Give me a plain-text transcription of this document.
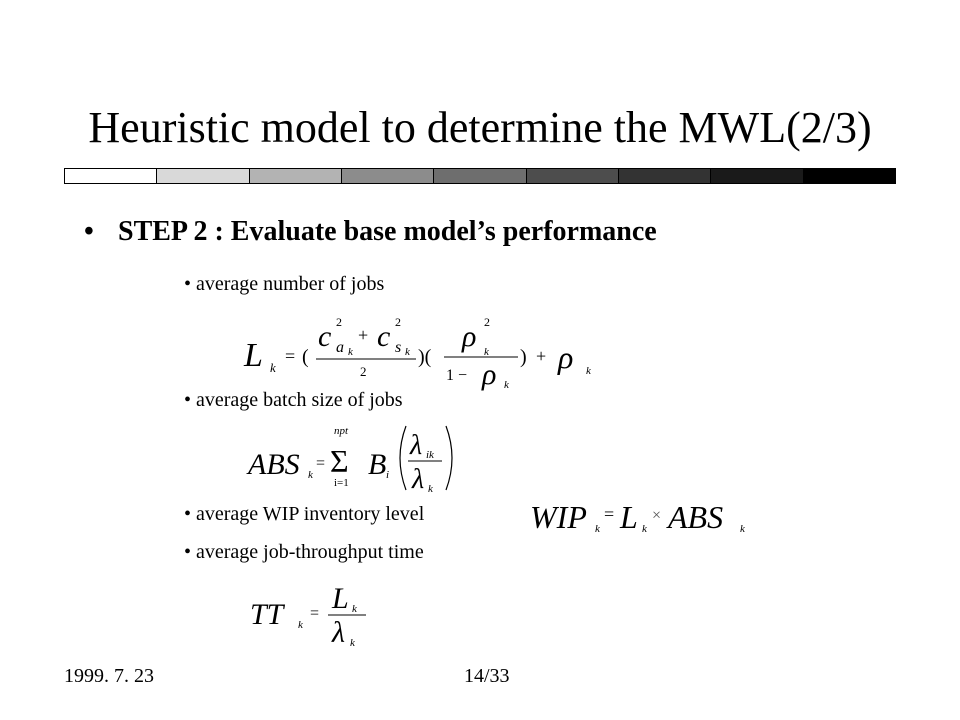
Heuristic model to determine the MWL(2/3)
• STEP 2 : Evaluate base model’s performance
• average number of jobs
L k
= (
c 2
a k
+ c 2
s k
2
)(
ρ 2
k
1 − ρ k
) + ρ k
• average batch size of jobs
ABS k
= Σ
npt
i=1
B i
λ ik
λ k
• average WIP inventory level	WIP k
= L k
× ABS k
• average job-throughput time
TT k
= L k
λ k
1999. 7. 23	14/33
